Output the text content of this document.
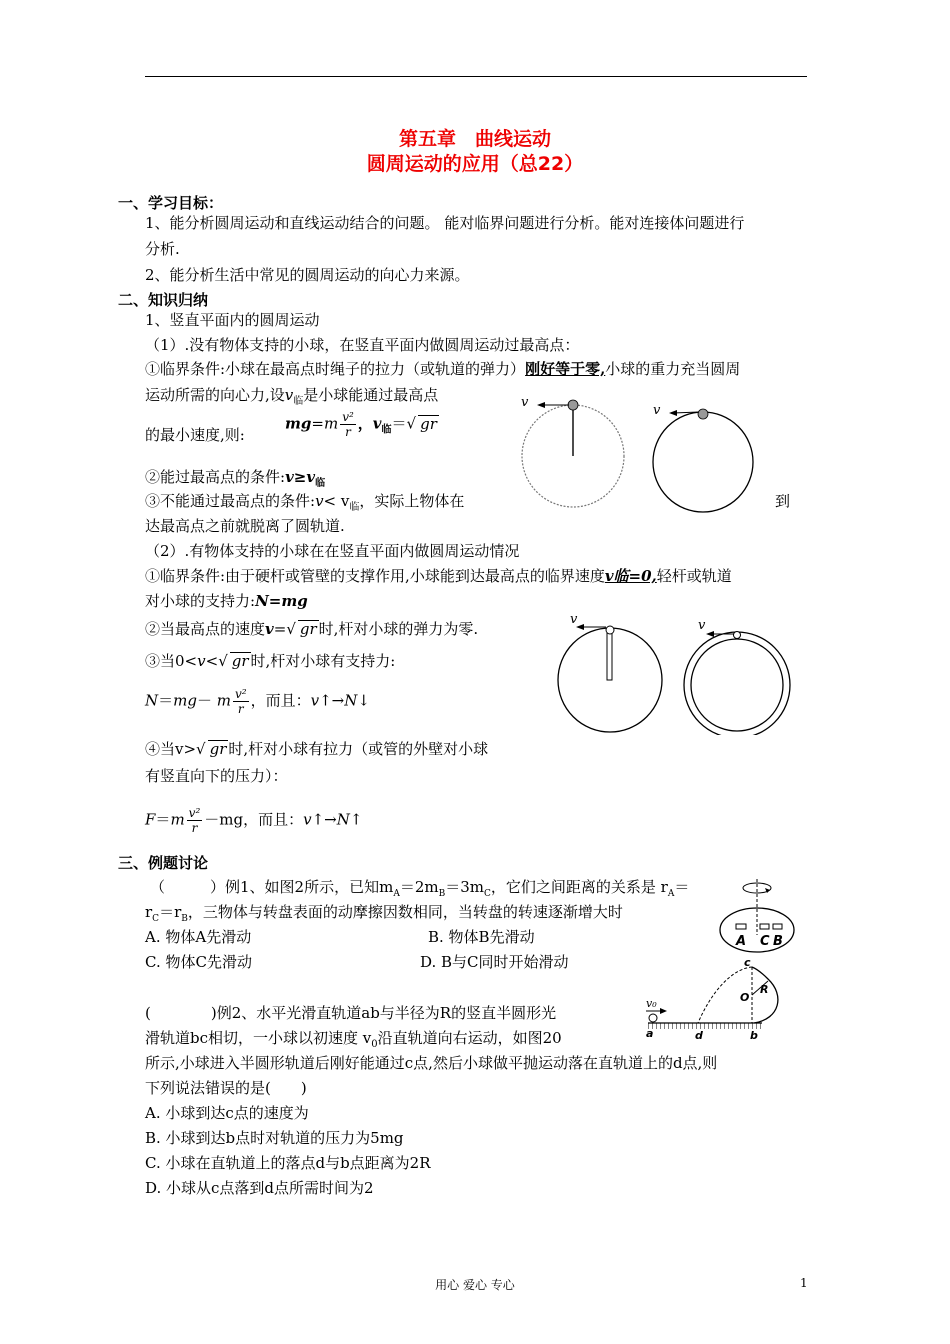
第五章　曲线运动
圆周运动的应用（总22）
一、学习目标：
1、能分析圆周运动和直线运动结合的问题。 能对临界问题进行分析。能对连接体问题进行
分析.
2、能分析生活中常见的圆周运动的向心力来源。
二、知识归纳
1、竖直平面内的圆周运动
（1）.没有物体支持的小球，在竖直平面内做圆周运动过最高点：
①临界条件:小球在最高点时绳子的拉力（或轨道的弹力）刚好等于零,小球的重力充当圆周
运动所需的向心力,设$v_临$是小球能通过最高点
的最小速度,则:
$mg=m \frac{\text{v²}}{r}$ ，$v_临=√$ gr
②能过最高点的条件$:v\ge v_临$
③不能通过最高点的条件:v< $v_临$，实际上物体在	到
达最高点之前就脱离了圆轨道.
v
v
（2）.有物体支持的小球在在竖直平面内做圆周运动情况
①临界条件:由于硬杆或管壁的支撑作用,小球能到达最高点的临界速度v临=0,轻杆或轨道
对小球的支持力:N=mg
②当最高点的速度v=√ gr 时,杆对小球的弹力为零.
③当0<v<√ gr 时,杆对小球有支持力:
N＝mg－ m $\frac{\text{v²}}{r}$ ，而且：v↑→N↓
④当v>√ gr 时,杆对小球有拉力（或管的外壁对小球
有竖直向下的压力）：
$F=m \frac{\text{v²}}{r} -mg$，而且：v↑→N↑
v	v
三、例题讨论
（　　　）例1、如图2所示，已知$m_A=2m_B=3m_C$，它们之间距离的关系是 $r_A=$
$r_C=r_B$，三物体与转盘表面的动摩擦因数相同，当转盘的转速逐渐增大时
A. 物体A先滑动	B. 物体B先滑动
C. 物体C先滑动	D. B与C同时开始滑动
A C B
v₀
a	d	b
c
O
R
(　　　　)例2、水平光滑直轨道ab与半径为R的竖直半圆形光
滑轨道bc相切，一小球以初速度 $v_0$沿直轨道向右运动，如图20
所示,小球进入半圆形轨道后刚好能通过c点,然后小球做平抛运动落在直轨道上的d点,则
下列说法错误的是(　　)
A. 小球到达c点的速度为
B. 小球到达b点时对轨道的压力为5mg
C. 小球在直轨道上的落点d与b点距离为2R
D. 小球从c点落到d点所需时间为2
用心 爱心 专心	1
